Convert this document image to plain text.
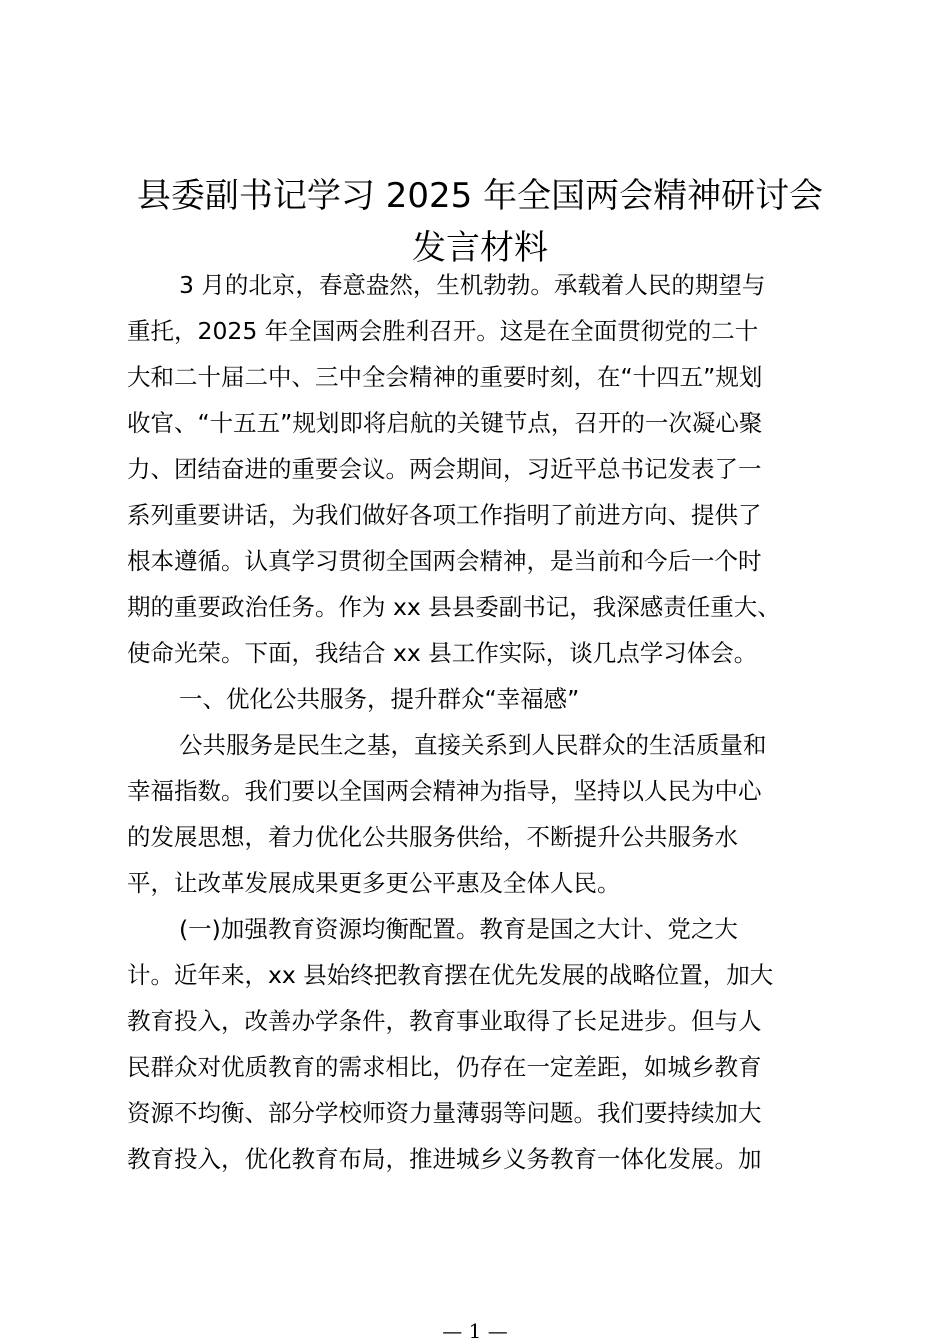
县委副书记学习 2025 年全国两会精神研讨会
发言材料
3 月的北京，春意盎然，生机勃勃。承载着人民的期望与
重托，2025 年全国两会胜利召开。这是在全面贯彻党的二十
大和二十届二中、三中全会精神的重要时刻，在“十四五”规划
收官、“十五五”规划即将启航的关键节点，召开的一次凝心聚
力、团结奋进的重要会议。两会期间，习近平总书记发表了一
系列重要讲话，为我们做好各项工作指明了前进方向、提供了
根本遵循。认真学习贯彻全国两会精神，是当前和今后一个时
期的重要政治任务。作为 xx 县县委副书记，我深感责任重大、
使命光荣。下面，我结合 xx 县工作实际，谈几点学习体会。
一、优化公共服务，提升群众“幸福感”
公共服务是民生之基，直接关系到人民群众的生活质量和
幸福指数。我们要以全国两会精神为指导，坚持以人民为中心
的发展思想，着力优化公共服务供给，不断提升公共服务水
平，让改革发展成果更多更公平惠及全体人民。
(一)加强教育资源均衡配置。教育是国之大计、党之大
计。近年来，xx 县始终把教育摆在优先发展的战略位置，加大
教育投入，改善办学条件，教育事业取得了长足进步。但与人
民群众对优质教育的需求相比，仍存在一定差距，如城乡教育
资源不均衡、部分学校师资力量薄弱等问题。我们要持续加大
教育投入，优化教育布局，推进城乡义务教育一体化发展。加
— 1 —
